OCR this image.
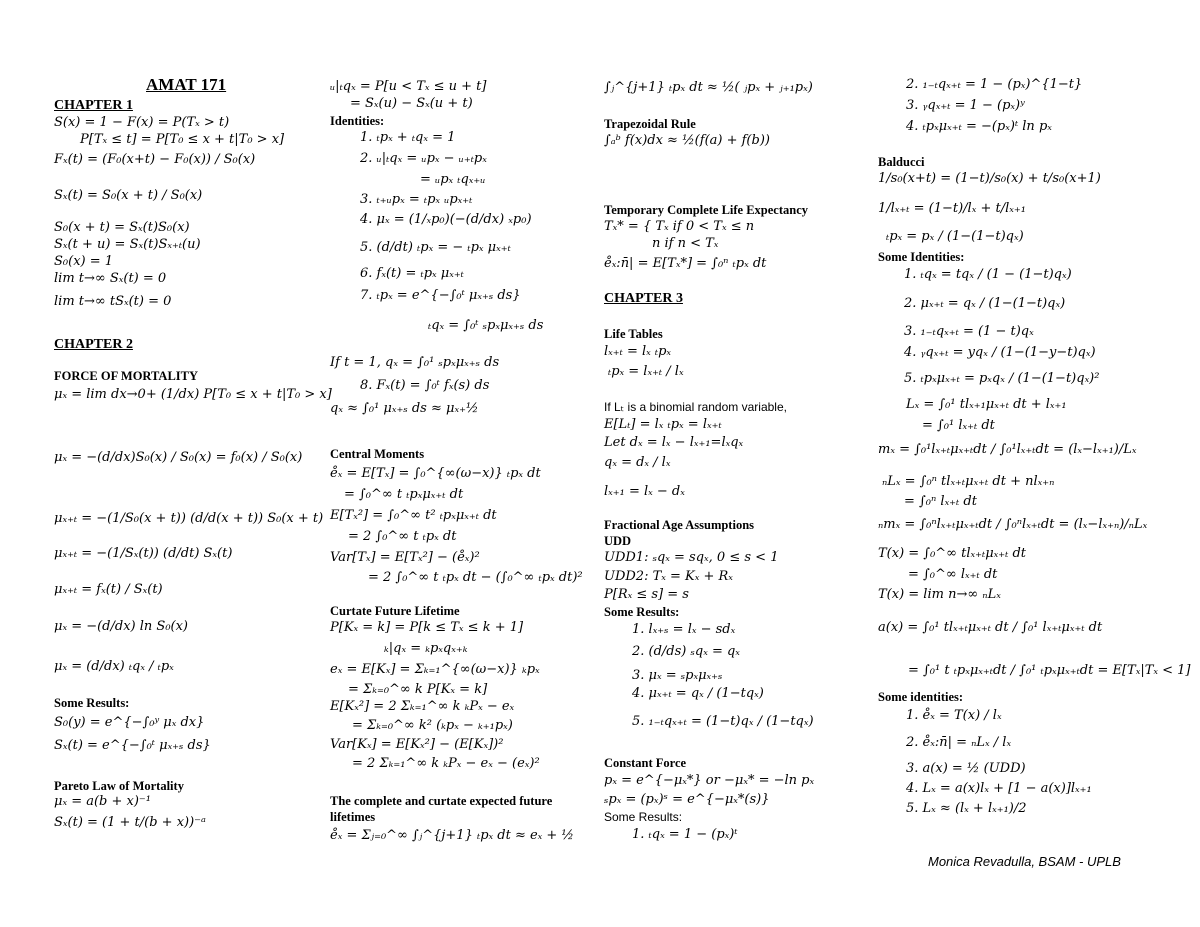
AMAT 171
CHAPTER 1
S(x) = 1 − F(x) = P(Tₓ > t)
P[Tₓ ≤ t] = P[T₀ ≤ x + t|T₀ > x]
Fₓ(t) = (F₀(x+t) − F₀(x)) / S₀(x)
Sₓ(t) = S₀(x + t) / S₀(x)
S₀(x + t) = Sₓ(t)S₀(x)
Sₓ(t + u) = Sₓ(t)Sₓ₊ₜ(u)
S₀(x) = 1
lim t→∞ Sₓ(t) = 0
lim t→∞ tSₓ(t) = 0
CHAPTER 2
FORCE OF MORTALITY
μₓ = lim dx→0+ (1/dx) P[T₀ ≤ x + t|T₀ > x]
μₓ = −(d/dx)S₀(x) / S₀(x) = f₀(x) / S₀(x)
μₓ₊ₜ = −(1/S₀(x + t)) (d/d(x + t)) S₀(x + t)
μₓ₊ₜ = −(1/Sₓ(t)) (d/dt) Sₓ(t)
μₓ₊ₜ = fₓ(t) / Sₓ(t)
μₓ = −(d/dx) ln S₀(x)
μₓ = (d/dx) ₜqₓ / ₜpₓ
Some Results:
S₀(y) = e^{−∫₀ʸ μₓ dx}
Sₓ(t) = e^{−∫₀ᵗ μₓ₊ₛ ds}
Pareto Law of Mortality
μₓ = a(b + x)⁻¹
Sₓ(t) = (1 + t/(b + x))⁻ᵃ
ᵤ|ₜqₓ = P[u < Tₓ ≤ u + t]
= Sₓ(u) − Sₓ(u + t)
Identities:
1. ₜpₓ + ₜqₓ = 1
2. ᵤ|ₜqₓ = ᵤpₓ − ᵤ₊ₜpₓ
= ᵤpₓ ₜqₓ₊ᵤ
3. ₜ₊ᵤpₓ = ₜpₓ ᵤpₓ₊ₜ
4. μₓ = (1/ₓp₀)(−(d/dx) ₓp₀)
5. (d/dt) ₜpₓ = − ₜpₓ μₓ₊ₜ
6. fₓ(t) = ₜpₓ μₓ₊ₜ
7. ₜpₓ = e^{−∫₀ᵗ μₓ₊ₛ ds}
ₜqₓ = ∫₀ᵗ ₛpₓμₓ₊ₛ ds
If t = 1, qₓ = ∫₀¹ ₛpₓμₓ₊ₛ ds
8. Fₓ(t) = ∫₀ᵗ fₓ(s) ds
qₓ ≈ ∫₀¹ μₓ₊ₛ ds ≈ μₓ₊½
Central Moments
e̊ₓ = E[Tₓ] = ∫₀^{∞(ω−x)} ₜpₓ dt
= ∫₀^∞ t ₜpₓμₓ₊ₜ dt
E[Tₓ²] = ∫₀^∞ t² ₜpₓμₓ₊ₜ dt
= 2 ∫₀^∞ t ₜpₓ dt
Var[Tₓ] = E[Tₓ²] − (e̊ₓ)²
= 2 ∫₀^∞ t ₜpₓ dt − (∫₀^∞ ₜpₓ dt)²
Curtate Future Lifetime
P[Kₓ = k] = P[k ≤ Tₓ ≤ k + 1]
ₖ|qₓ = ₖpₓqₓ₊ₖ
eₓ = E[Kₓ] = Σₖ₌₁^{∞(ω−x)} ₖpₓ
= Σₖ₌₀^∞ k P[Kₓ = k]
E[Kₓ²] = 2 Σₖ₌₁^∞ k ₖPₓ − eₓ
= Σₖ₌₀^∞ k² (ₖpₓ − ₖ₊₁pₓ)
Var[Kₓ] = E[Kₓ²] − (E[Kₓ])²
= 2 Σₖ₌₁^∞ k ₖPₓ − eₓ − (eₓ)²
The complete and curtate expected future
lifetimes
e̊ₓ = Σⱼ₌₀^∞ ∫ⱼ^{j+1} ₜpₓ dt ≈ eₓ + ½
∫ⱼ^{j+1} ₜpₓ dt ≈ ½( ⱼpₓ + ⱼ₊₁pₓ)
Trapezoidal Rule
∫ₐᵇ f(x)dx ≈ ½(f(a) + f(b))
Temporary Complete Life Expectancy
Tₓ* = { Tₓ if 0 < Tₓ ≤ n
n if n < Tₓ
e̊ₓ:n̄| = E[Tₓ*] = ∫₀ⁿ ₜpₓ dt
CHAPTER 3
Life Tables
lₓ₊ₜ = lₓ ₜpₓ
ₜpₓ = lₓ₊ₜ / lₓ
If Lₜ is a binomial random variable,
E[Lₜ] = lₓ ₜpₓ = lₓ₊ₜ
Let dₓ = lₓ − lₓ₊₁=lₓqₓ
qₓ = dₓ / lₓ
lₓ₊₁ = lₓ − dₓ
Fractional Age Assumptions
UDD
UDD1: ₛqₓ = sqₓ, 0 ≤ s < 1
UDD2: Tₓ = Kₓ + Rₓ
P[Rₓ ≤ s] = s
Some Results:
1. lₓ₊ₛ = lₓ − sdₓ
2. (d/ds) ₛqₓ = qₓ
3. μₓ = ₛpₓμₓ₊ₛ
4. μₓ₊ₜ = qₓ / (1−tqₓ)
5. ₁₋ₜqₓ₊ₜ = (1−t)qₓ / (1−tqₓ)
Constant Force
pₓ = e^{−μₓ*} or −μₓ* = −ln pₓ
ₛpₓ = (pₓ)ˢ = e^{−μₓ*(s)}
Some Results:
1. ₜqₓ = 1 − (pₓ)ᵗ
2. ₁₋ₜqₓ₊ₜ = 1 − (pₓ)^{1−t}
3. ᵧqₓ₊ₜ = 1 − (pₓ)ʸ
4. ₜpₓμₓ₊ₜ = −(pₓ)ᵗ ln pₓ
Balducci
1/s₀(x+t) = (1−t)/s₀(x) + t/s₀(x+1)
1/lₓ₊ₜ = (1−t)/lₓ + t/lₓ₊₁
ₜpₓ = pₓ / (1−(1−t)qₓ)
Some Identities:
1. ₜqₓ = tqₓ / (1 − (1−t)qₓ)
2. μₓ₊ₜ = qₓ / (1−(1−t)qₓ)
3. ₁₋ₜqₓ₊ₜ = (1 − t)qₓ
4. ᵧqₓ₊ₜ = yqₓ / (1−(1−y−t)qₓ)
5. ₜpₓμₓ₊ₜ = pₓqₓ / (1−(1−t)qₓ)²
Lₓ = ∫₀¹ tlₓ₊₁μₓ₊ₜ dt + lₓ₊₁
= ∫₀¹ lₓ₊ₜ dt
mₓ = ∫₀¹lₓ₊ₜμₓ₊ₜdt / ∫₀¹lₓ₊ₜdt = (lₓ−lₓ₊₁)/Lₓ
ₙLₓ = ∫₀ⁿ tlₓ₊ₜμₓ₊ₜ dt + nlₓ₊ₙ
= ∫₀ⁿ lₓ₊ₜ dt
ₙmₓ = ∫₀ⁿlₓ₊ₜμₓ₊ₜdt / ∫₀ⁿlₓ₊ₜdt = (lₓ−lₓ₊ₙ)/ₙLₓ
T(x) = ∫₀^∞ tlₓ₊ₜμₓ₊ₜ dt
= ∫₀^∞ lₓ₊ₜ dt
T(x) = lim n→∞ ₙLₓ
a(x) = ∫₀¹ tlₓ₊ₜμₓ₊ₜ dt / ∫₀¹ lₓ₊ₜμₓ₊ₜ dt
= ∫₀¹ t ₜpₓμₓ₊ₜdt / ∫₀¹ ₜpₓμₓ₊ₜdt = E[Tₓ|Tₓ < 1]
Some identities:
1. e̊ₓ = T(x) / lₓ
2. e̊ₓ:n̄| = ₙLₓ / lₓ
3. a(x) = ½ (UDD)
4. Lₓ = a(x)lₓ + [1 − a(x)]lₓ₊₁
5. Lₓ ≈ (lₓ + lₓ₊₁)/2
Monica Revadulla, BSAM - UPLB
